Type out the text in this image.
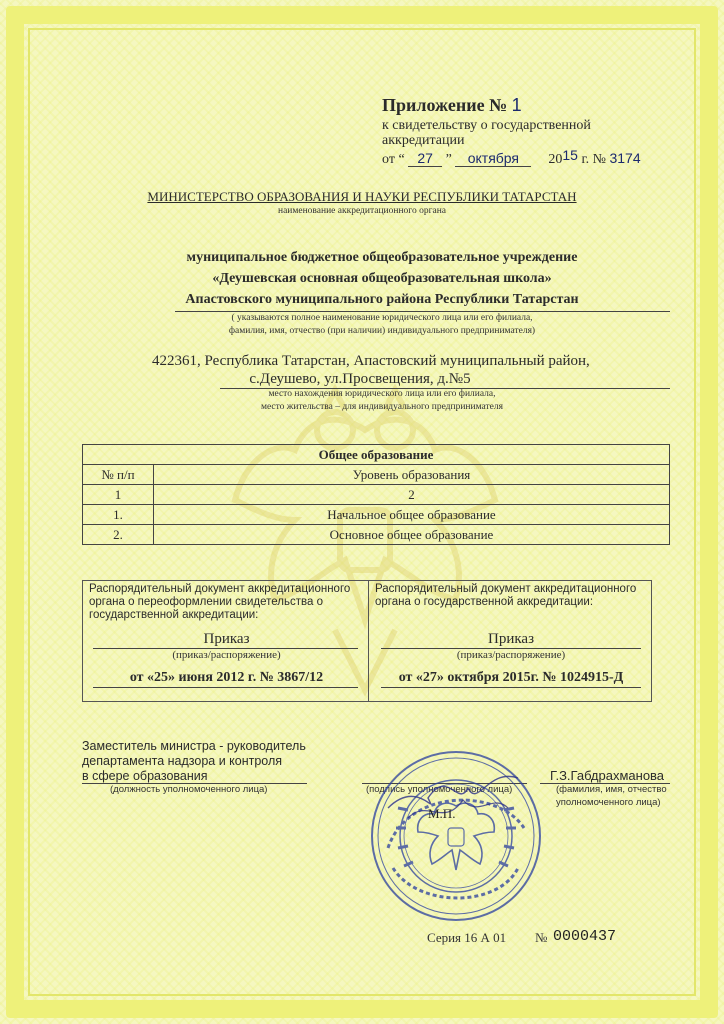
Приложение № 1
к свидетельству о государственной
аккредитации
от “ 27 ” октября 2015 г. № 3174
МИНИСТЕРСТВО ОБРАЗОВАНИЯ И НАУКИ РЕСПУБЛИКИ ТАТАРСТАН
наименование аккредитационного органа
муниципальное бюджетное общеобразовательное учреждение
«Деушевская основная общеобразовательная школа»
Апастовского муниципального района Республики Татарстан
( указываются полное наименование юридического лица или его филиала,
фамилия, имя, отчество (при наличии) индивидуального предпринимателя)
422361, Республика Татарстан, Апастовский муниципальный район,
с.Деушево, ул.Просвещения, д.№5
место нахождения юридического лица или его филиала,
место жительства – для индивидуального предпринимателя
Общее образование	
№ п/п	Уровень образования
1	2
1.	Начальное общее образование
2.	Основное общее образование
Распорядительный документ аккредитационного
органа о переоформлении свидетельства о
государственной аккредитации:
Приказ
(приказ/распоряжение)
от «25» июня 2012 г. № 3867/12
Распорядительный документ аккредитационного
органа о государственной аккредитации:
Приказ
(приказ/распоряжение)
от «27» октября 2015г. № 1024915-Д
Заместитель министра - руководитель
департамента надзора и контроля
в сфере образования
(должность уполномоченного лица)	(подпись уполномоченного лица)
Г.З.Габдрахманова
(фамилия, имя, отчество
уполномоченного лица)
М.П.
Серия 16 А 01 № 0000437
